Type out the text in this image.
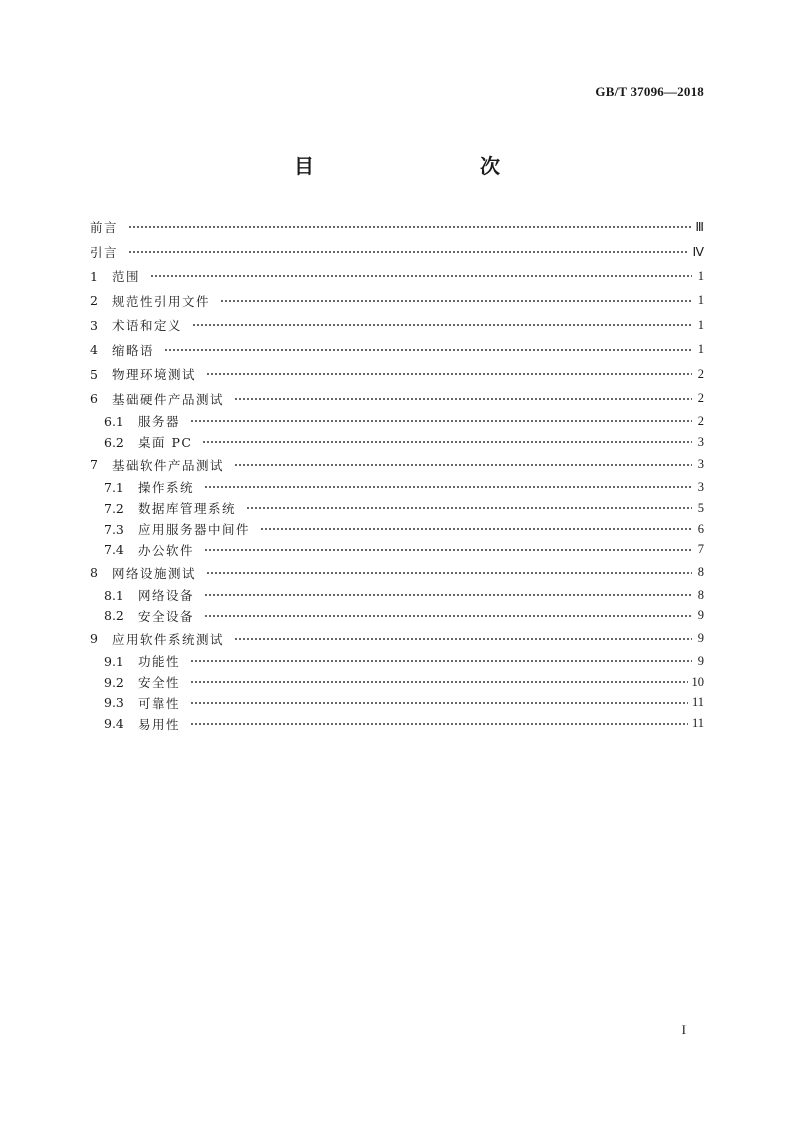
GB/T 37096—2018
目　　次
前言	Ⅲ
引言	Ⅳ
1	范围	1
2	规范性引用文件	1
3	术语和定义	1
4	缩略语	1
5	物理环境测试	2
6	基础硬件产品测试	2
6.1	服务器	2
6.2	桌面 PC	3
7	基础软件产品测试	3
7.1	操作系统	3
7.2	数据库管理系统	5
7.3	应用服务器中间件	6
7.4	办公软件	7
8	网络设施测试	8
8.1	网络设备	8
8.2	安全设备	9
9	应用软件系统测试	9
9.1	功能性	9
9.2	安全性	10
9.3	可靠性	11
9.4	易用性	11
I
